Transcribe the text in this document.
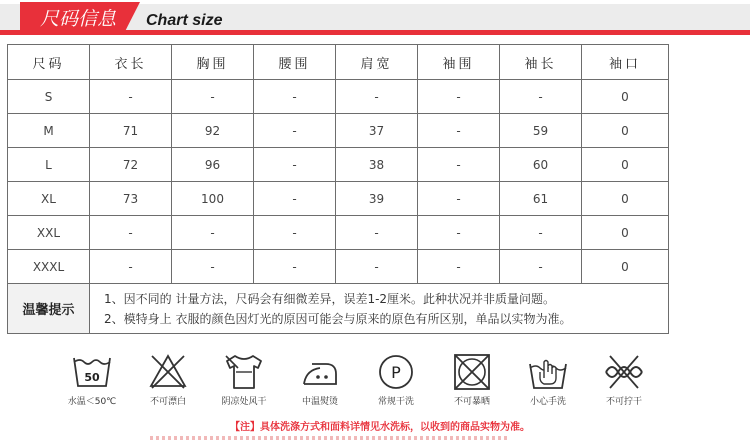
尺码信息 Chart size
尺码	衣长	胸围	腰围	肩宽	袖围	袖长	袖口
S	-	-	-	-	-	-	0
M	71	92	-	37	-	59	0
L	72	96	-	38	-	60	0
XL	73	100	-	39	-	61	0
XXL	-	-	-	-	-	-	0
XXXL	-	-	-	-	-	-	0
温馨提示	1、因不同的 计量方法，尺码会有细微差异，误差1-2厘米。此种状况并非质量问题。
2、模特身上 衣服的颜色因灯光的原因可能会与原来的原色有所区别，单品以实物为准。						
50
水温＜50℃	不可漂白	阴凉处风干	中温熨烫
P
常规干洗	不可暴晒	小心手洗	不可拧干
【注】具体洗涤方式和面料详情见水洗标，以收到的商品实物为准。
